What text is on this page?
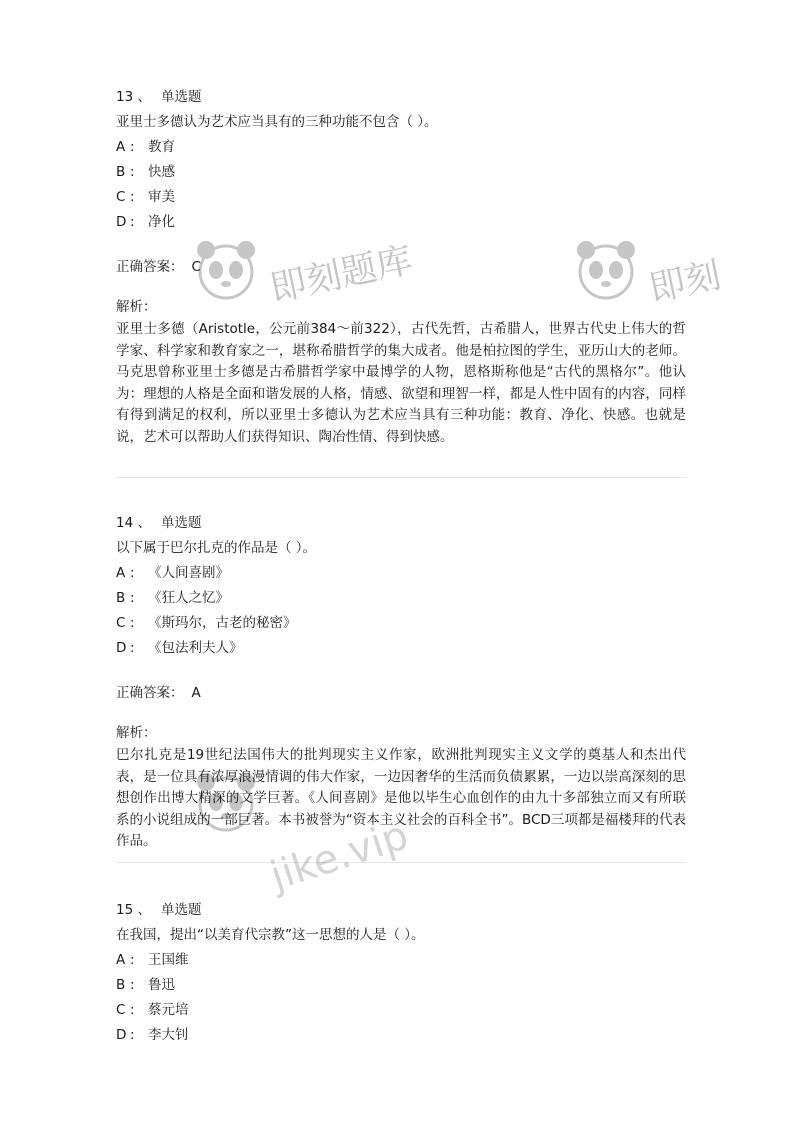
13 、 单选题
亚里士多德认为艺术应当具有的三种功能不包含（ ）。
A : 教育
B : 快感
C : 审美
D : 净化
正确答案： C
解析：
亚里士多德（Aristotle，公元前384～前322），古代先哲，古希腊人，世界古代史上伟大的哲学家、科学家和教育家之一，堪称希腊哲学的集大成者。他是柏拉图的学生，亚历山大的老师。马克思曾称亚里士多德是古希腊哲学家中最博学的人物，恩格斯称他是“古代的黑格尔”。他认为：理想的人格是全面和谐发展的人格，情感、欲望和理智一样，都是人性中固有的内容，同样有得到满足的权利，所以亚里士多德认为艺术应当具有三种功能：教育、净化、快感。也就是说，艺术可以帮助人们获得知识、陶冶性情、得到快感。
14 、 单选题
以下属于巴尔扎克的作品是（ ）。
A : 《人间喜剧》
B : 《狂人之忆》
C : 《斯玛尔，古老的秘密》
D : 《包法利夫人》
正确答案： A
解析：
巴尔扎克是19世纪法国伟大的批判现实主义作家，欧洲批判现实主义文学的奠基人和杰出代表，是一位具有浓厚浪漫情调的伟大作家，一边因奢华的生活而负债累累，一边以崇高深刻的思想创作出博大精深的文学巨著。《人间喜剧》是他以毕生心血创作的由九十多部独立而又有所联系的小说组成的一部巨著。本书被誉为“资本主义社会的百科全书”。BCD三项都是福楼拜的代表作品。
15 、 单选题
在我国，提出“以美育代宗教”这一思想的人是（ ）。
A : 王国维
B : 鲁迅
C : 蔡元培
D : 李大钊
即刻题库	即刻
jike.vip
